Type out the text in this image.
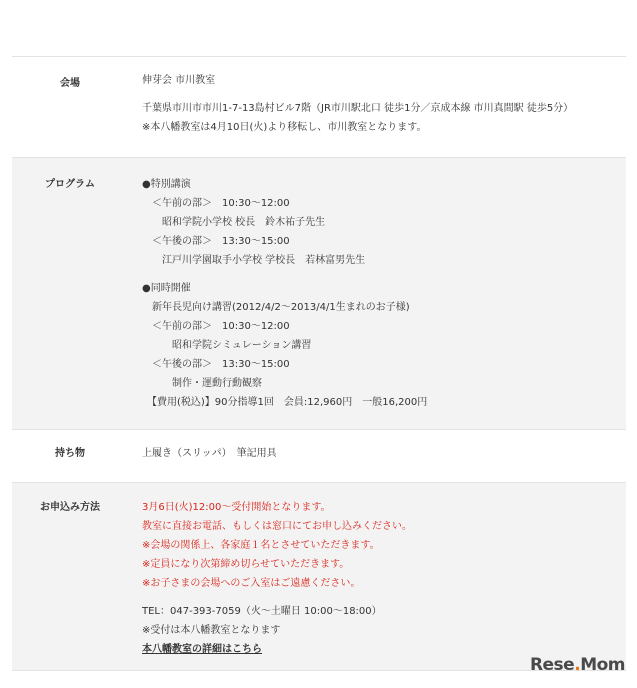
会場	伸芽会 市川教室

千葉県市川市市川1-7-13島村ビル7階（JR市川駅北口 徒歩1分／京成本線 市川真間駅 徒歩5分）

※本八幡教室は4月10日(火)より移転し、市川教室となります。

プログラム	●特別講演

　＜午前の部＞　10:30〜12:00

　　昭和学院小学校 校長　鈴木祐子先生

　＜午後の部＞　13:30〜15:00

　　江戸川学園取手小学校 学校長　若林富男先生

●同時開催

　新年長児向け講習(2012/4/2〜2013/4/1生まれのお子様)

　＜午前の部＞　10:30〜12:00

　　　昭和学院シミュレーション講習

　＜午後の部＞　13:30〜15:00

　　　制作・運動行動観察

　【費用(税込)】90分指導1回　会員:12,960円　一般16,200円

持ち物	上履き（スリッパ）　筆記用具

お申込み方法	3月6日(火)12:00〜受付開始となります。

教室に直接お電話、もしくは窓口にてお申し込みください。

※会場の関係上、各家庭１名とさせていただきます。

※定員になり次第締め切らせていただきます。

※お子さまの会場へのご入室はご遠慮ください。

TEL：047-393-7059（火〜土曜日 10:00〜18:00）

※受付は本八幡教室となります

本八幡教室の詳細はこちら

Rese.Mom
